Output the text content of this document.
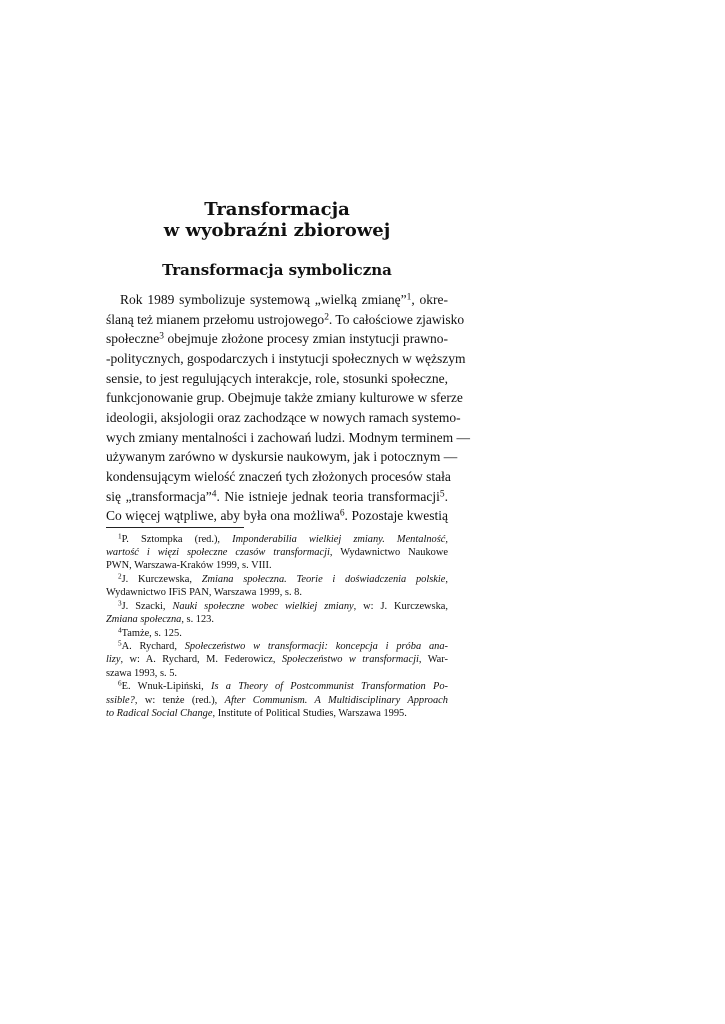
Transformacja
w wyobraźni zbiorowej
Transformacja symboliczna
Rok 1989 symbolizuje systemową „wielką zmianę”$^1$, okre-
ślaną też mianem przełomu ustrojowego$^2$. To całościowe zjawisko
społeczne$^3$ obejmuje złożone procesy zmian instytucji prawno-
-politycznych, gospodarczych i instytucji społecznych w węższym
sensie, to jest regulujących interakcje, role, stosunki społeczne,
funkcjonowanie grup. Obejmuje także zmiany kulturowe w sferze
ideologii, aksjologii oraz zachodzące w nowych ramach systemo-
wych zmiany mentalności i zachowań ludzi. Modnym terminem —
używanym zarówno w dyskursie naukowym, jak i potocznym —
kondensującym wielość znaczeń tych złożonych procesów stała
się „transformacja”$^4$. Nie istnieje jednak teoria transformacji$^5$.
Co więcej wątpliwe, aby była ona możliwa$^6$. Pozostaje kwestią
$^1$P. Sztompka (red.), Imponderabilia wielkiej zmiany. Mentalność,
wartość i więzi społeczne czasów transformacji, Wydawnictwo Naukowe
PWN, Warszawa-Kraków 1999, s. VIII.
$^2$J. Kurczewska, Zmiana społeczna. Teorie i doświadczenia polskie,
Wydawnictwo IFiS PAN, Warszawa 1999, s. 8.
$^3$J. Szacki, Nauki społeczne wobec wielkiej zmiany, w: J. Kurczewska,
Zmiana społeczna, s. 123.
$^4$Tamże, s. 125.
$^5$A. Rychard, Społeczeństwo w transformacji: koncepcja i próba ana-
lizy, w: A. Rychard, M. Federowicz, Społeczeństwo w transformacji, War-
szawa 1993, s. 5.
$^6$E. Wnuk-Lipiński, Is a Theory of Postcommunist Transformation Po-
ssible?, w: tenże (red.), After Communism. A Multidisciplinary Approach
to Radical Social Change, Institute of Political Studies, Warszawa 1995.
